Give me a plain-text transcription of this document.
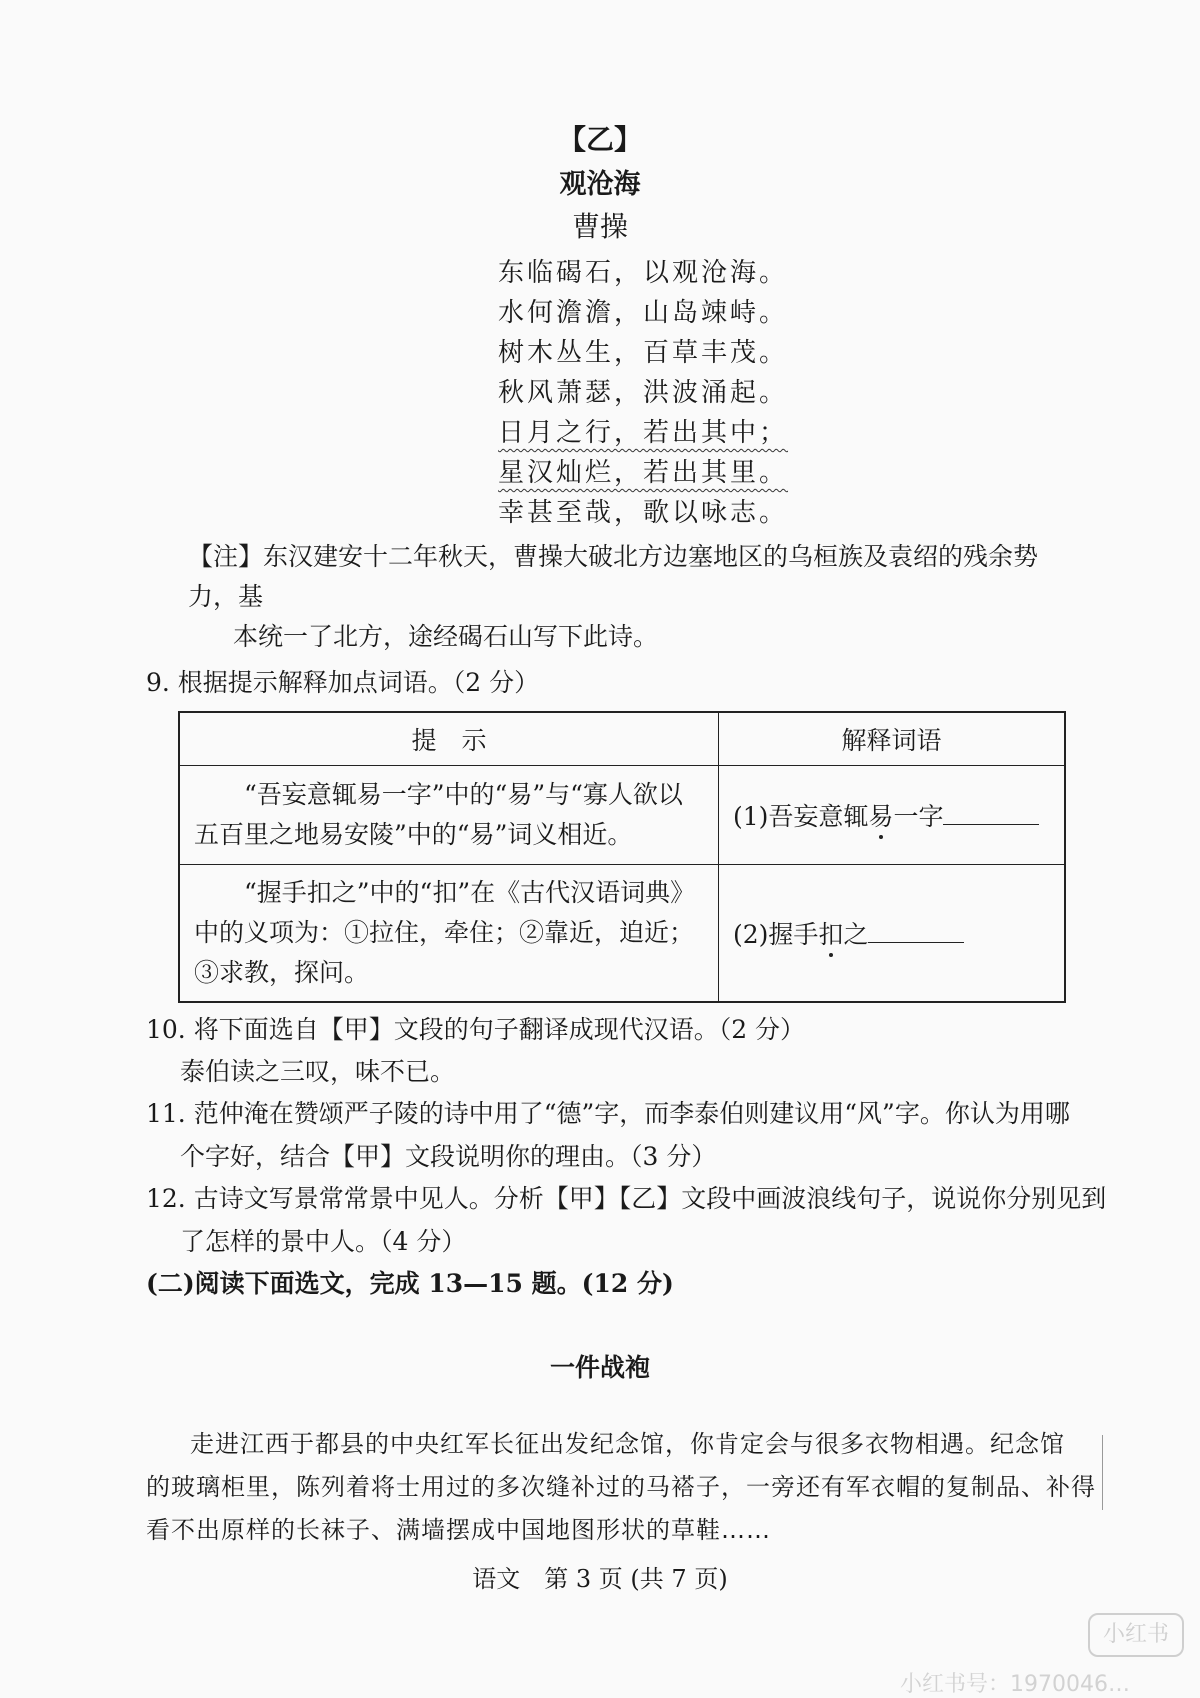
【乙】
观沧海
曹操
东临碣石，以观沧海。
水何澹澹，山岛竦峙。
树木丛生，百草丰茂。
秋风萧瑟，洪波涌起。
日月之行，若出其中；
星汉灿烂，若出其里。
幸甚至哉，歌以咏志。
【注】东汉建安十二年秋天，曹操大破北方边塞地区的乌桓族及袁绍的残余势力，基
本统一了北方，途经碣石山写下此诗。
9. 根据提示解释加点词语。（2 分）
提　示	解释词语
“吾妄意辄易一字”中的“易”与“寡人欲以五百里之地易安陵”中的“易”词义相近。	(1)吾妄意辄易一字
“握手扣之”中的“扣”在《古代汉语词典》中的义项为：①拉住，牵住；②靠近，迫近；③求教，探问。	(2)握手扣之
10. 将下面选自【甲】文段的句子翻译成现代汉语。（2 分）
泰伯读之三叹，味不已。
11. 范仲淹在赞颂严子陵的诗中用了“德”字，而李泰伯则建议用“风”字。你认为用哪
个字好，结合【甲】文段说明你的理由。（3 分）
12. 古诗文写景常常景中见人。分析【甲】【乙】文段中画波浪线句子，说说你分别见到
了怎样的景中人。（4 分）
(二)阅读下面选文，完成 13—15 题。(12 分)
一件战袍
走进江西于都县的中央红军长征出发纪念馆，你肯定会与很多衣物相遇。纪念馆
的玻璃柜里，陈列着将士用过的多次缝补过的马褡子，一旁还有军衣帽的复制品、补得
看不出原样的长袜子、满墙摆成中国地图形状的草鞋……
语文　第 3 页 (共 7 页)
小红书
小红书号：1970046…
